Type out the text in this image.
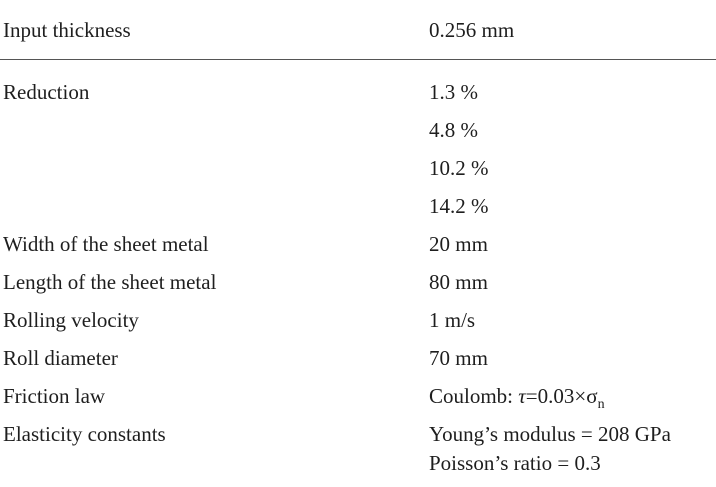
Input thickness	0.256 mm
Reduction	1.3 %
4.8 %
10.2 %
14.2 %
Width of the sheet metal	20 mm
Length of the sheet metal	80 mm
Rolling velocity	1 m/s
Roll diameter	70 mm
Friction law	Coulomb: $\tau=0.03\times\sigma_n$
Elasticity constants	Young’s modulus = 208 GPa
Poisson’s ratio = 0.3
